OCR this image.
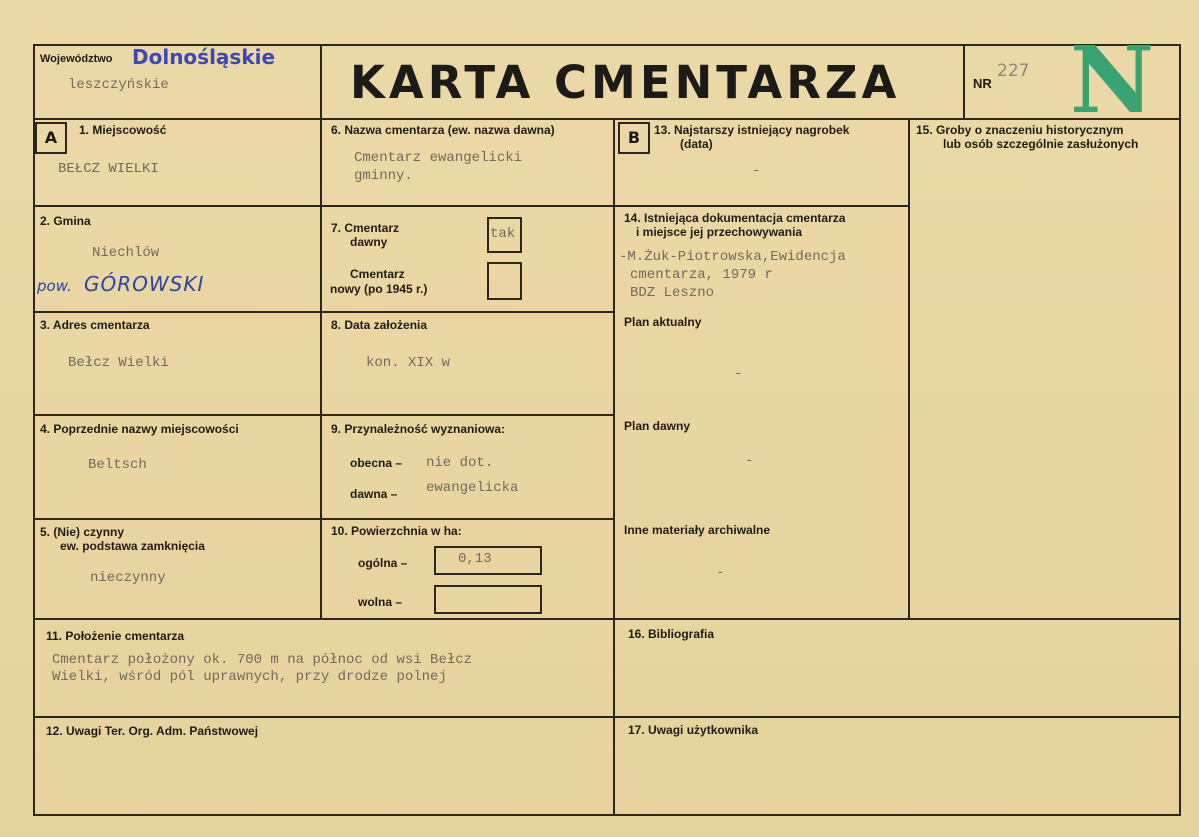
Województwo Dolnośląskie
leszczyńskie	KARTA CMENTARZA	NR
227 N
A	1. Miejscowość
BEŁCZ WIELKI
2. Gmina
Niechlów
pow. GÓROWSKI
3. Adres cmentarza
Bełcz Wielki
4. Poprzednie nazwy miejscowości
Beltsch
5. (Nie) czynny
ew. podstawa zamknięcia
nieczynny
6. Nazwa cmentarza (ew. nazwa dawna)
Cmentarz ewangelicki
gminny.
7. Cmentarz
dawny	tak
Cmentarz
nowy (po 1945 r.)
8. Data założenia
kon. XIX w
9. Przynależność wyznaniowa:
obecna – nie dot.
dawna – ewangelicka
10. Powierzchnia w ha:
ogólna –	0,13
wolna –
B	13. Najstarszy istniejący nagrobek
(data)
-
14. Istniejąca dokumentacja cmentarza
i miejsce jej przechowywania
-M.Żuk-Piotrowska,Ewidencja
cmentarza, 1979 r
BDZ Leszno
Plan aktualny
-
Plan dawny
-
Inne materiały archiwalne
-
15. Groby o znaczeniu historycznym
lub osób szczególnie zasłużonych
11. Położenie cmentarza
Cmentarz położony ok. 700 m na północ od wsi Bełcz
Wielki, wśród pól uprawnych, przy drodze polnej
12. Uwagi Ter. Org. Adm. Państwowej
16. Bibliografia
17. Uwagi użytkownika
